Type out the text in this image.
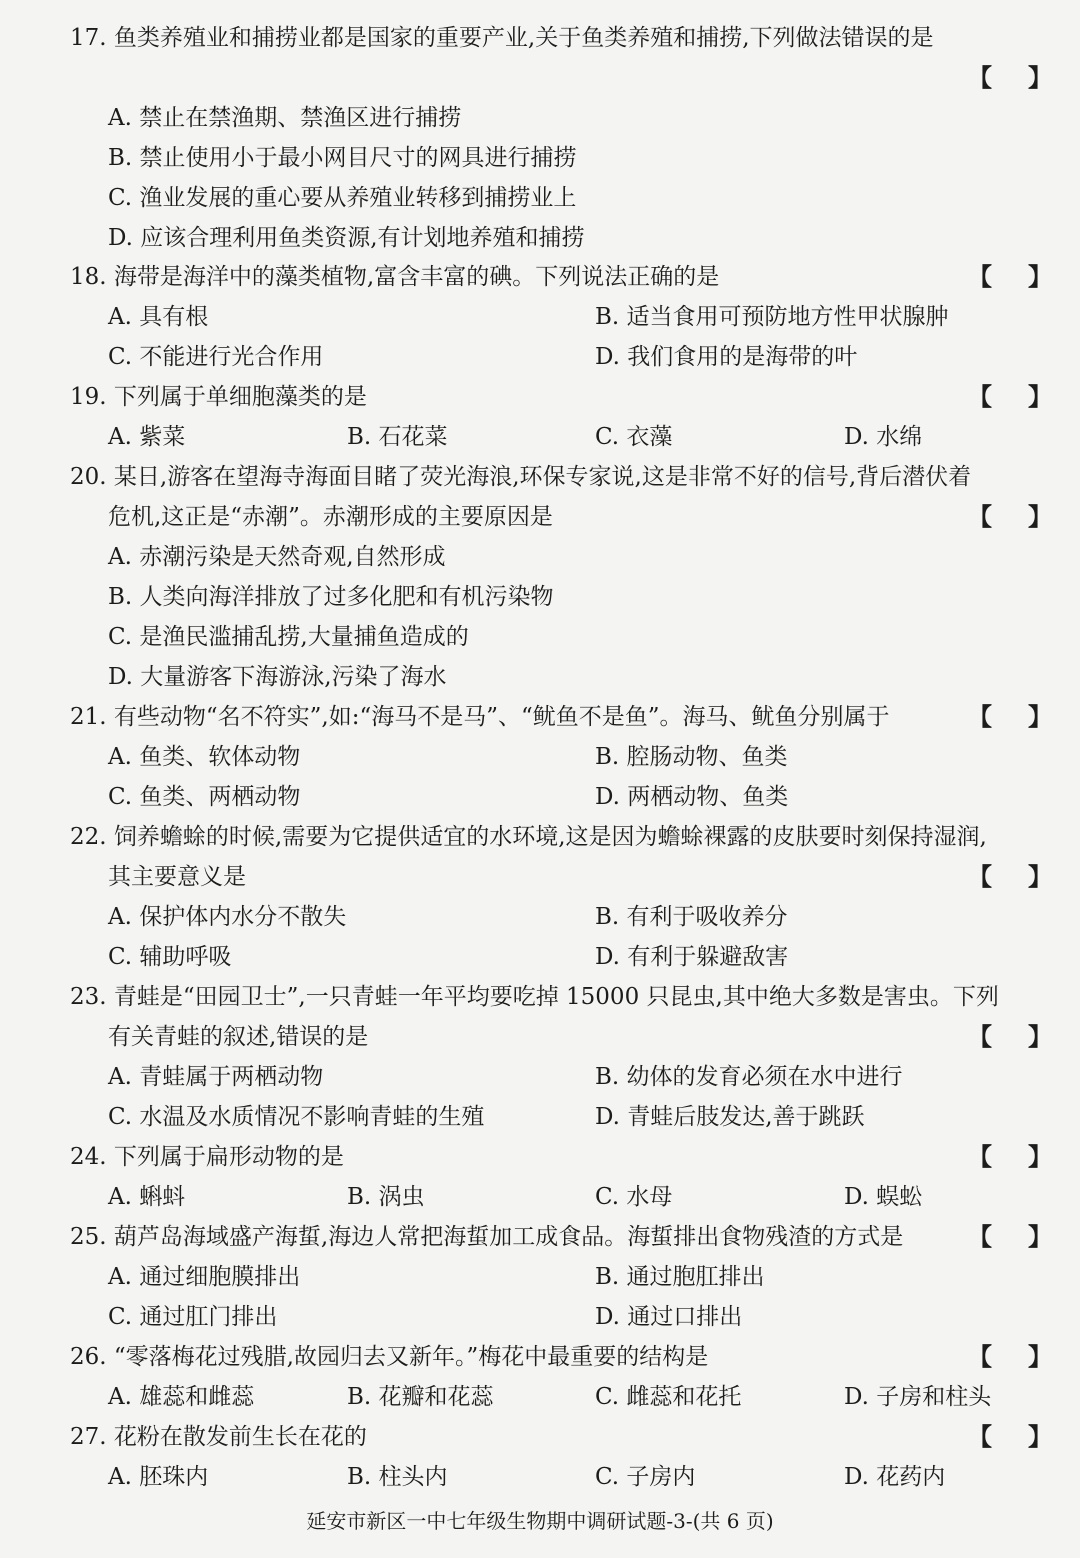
17. 鱼类养殖业和捕捞业都是国家的重要产业,关于鱼类养殖和捕捞,下列做法错误的是
【 】
A. 禁止在禁渔期、禁渔区进行捕捞
B. 禁止使用小于最小网目尺寸的网具进行捕捞
C. 渔业发展的重心要从养殖业转移到捕捞业上
D. 应该合理利用鱼类资源,有计划地养殖和捕捞
18. 海带是海洋中的藻类植物,富含丰富的碘。下列说法正确的是	【 】
A. 具有根	B. 适当食用可预防地方性甲状腺肿
C. 不能进行光合作用	D. 我们食用的是海带的叶
19. 下列属于单细胞藻类的是	【 】
A. 紫菜	B. 石花菜	C. 衣藻	D. 水绵
20. 某日,游客在望海寺海面目睹了荧光海浪,环保专家说,这是非常不好的信号,背后潜伏着
危机,这正是“赤潮”。赤潮形成的主要原因是	【 】
A. 赤潮污染是天然奇观,自然形成
B. 人类向海洋排放了过多化肥和有机污染物
C. 是渔民滥捕乱捞,大量捕鱼造成的
D. 大量游客下海游泳,污染了海水
21. 有些动物“名不符实”,如:“海马不是马”、“鱿鱼不是鱼”。海马、鱿鱼分别属于	【 】
A. 鱼类、软体动物	B. 腔肠动物、鱼类
C. 鱼类、两栖动物	D. 两栖动物、鱼类
22. 饲养蟾蜍的时候,需要为它提供适宜的水环境,这是因为蟾蜍裸露的皮肤要时刻保持湿润,
其主要意义是	【 】
A. 保护体内水分不散失	B. 有利于吸收养分
C. 辅助呼吸	D. 有利于躲避敌害
23. 青蛙是“田园卫士”,一只青蛙一年平均要吃掉 15000 只昆虫,其中绝大多数是害虫。下列
有关青蛙的叙述,错误的是	【 】
A. 青蛙属于两栖动物	B. 幼体的发育必须在水中进行
C. 水温及水质情况不影响青蛙的生殖	D. 青蛙后肢发达,善于跳跃
24. 下列属于扁形动物的是	【 】
A. 蝌蚪	B. 涡虫	C. 水母	D. 蜈蚣
25. 葫芦岛海域盛产海蜇,海边人常把海蜇加工成食品。海蜇排出食物残渣的方式是	【 】
A. 通过细胞膜排出	B. 通过胞肛排出
C. 通过肛门排出	D. 通过口排出
26. “零落梅花过残腊,故园归去又新年。”梅花中最重要的结构是	【 】
A. 雄蕊和雌蕊	B. 花瓣和花蕊	C. 雌蕊和花托	D. 子房和柱头
27. 花粉在散发前生长在花的	【 】
A. 胚珠内	B. 柱头内	C. 子房内	D. 花药内
延安市新区一中七年级生物期中调研试题-3-(共 6 页)
